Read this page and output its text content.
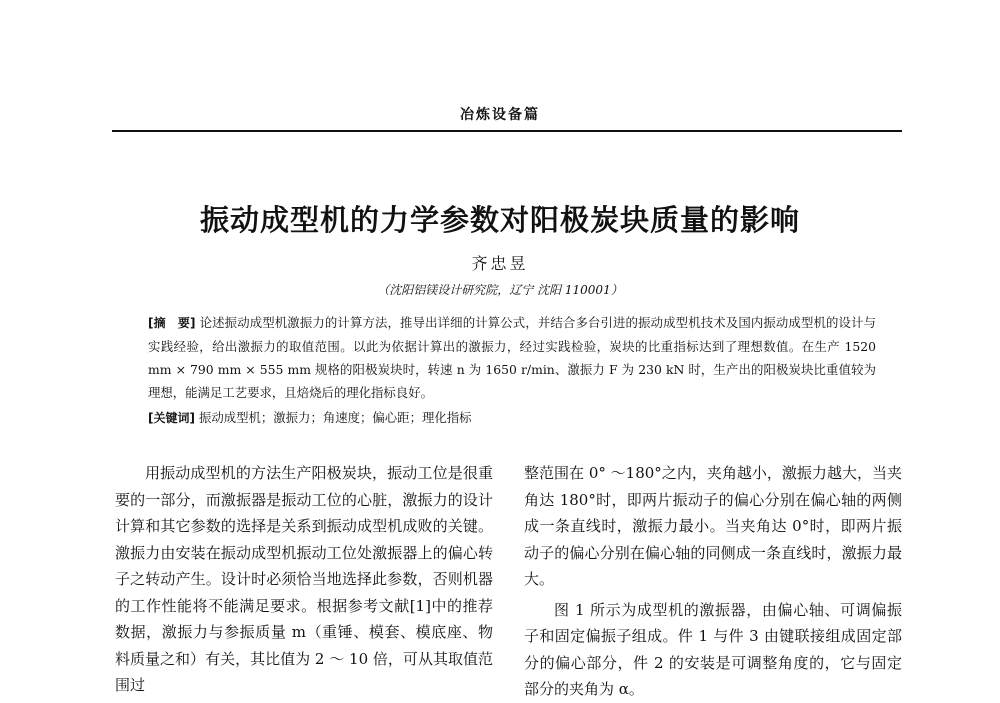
冶炼设备篇
振动成型机的力学参数对阳极炭块质量的影响
齐忠昱
（沈阳铝镁设计研究院，辽宁 沈阳 110001）
[摘　要] 论述振动成型机激振力的计算方法，推导出详细的计算公式，并结合多台引进的振动成型机技术及国内振动成型机的设计与实践经验，给出激振力的取值范围。以此为依据计算出的激振力，经过实践检验，炭块的比重指标达到了理想数值。在生产 1520 mm × 790 mm × 555 mm 规格的阳极炭块时，转速 n 为 1650 r/min、激振力 F 为 230 kN 时，生产出的阳极炭块比重值较为理想，能满足工艺要求，且焙烧后的理化指标良好。
[关键词] 振动成型机；激振力；角速度；偏心距；理化指标

用振动成型机的方法生产阳极炭块，振动工位是很重要的一部分，而激振器是振动工位的心脏，激振力的设计计算和其它参数的选择是关系到振动成型机成败的关键。激振力由安装在振动成型机振动工位处激振器上的偏心转子之转动产生。设计时必须恰当地选择此参数，否则机器的工作性能将不能满足要求。根据参考文献[1]中的推荐数据，激振力与参振质量 m（重锤、模套、模底座、物料质量之和）有关，其比值为 2 ～ 10 倍，可从其取值范围过

整范围在 0° ～180°之内，夹角越小，激振力越大，当夹角达 180°时，即两片振动子的偏心分别在偏心轴的两侧成一条直线时，激振力最小。当夹角达 0°时，即两片振动子的偏心分别在偏心轴的同侧成一条直线时，激振力最大。

图 1 所示为成型机的激振器，由偏心轴、可调偏振子和固定偏振子组成。件 1 与件 3 由键联接组成固定部分的偏心部分，件 2 的安装是可调整角度的，它与固定部分的夹角为 α。
